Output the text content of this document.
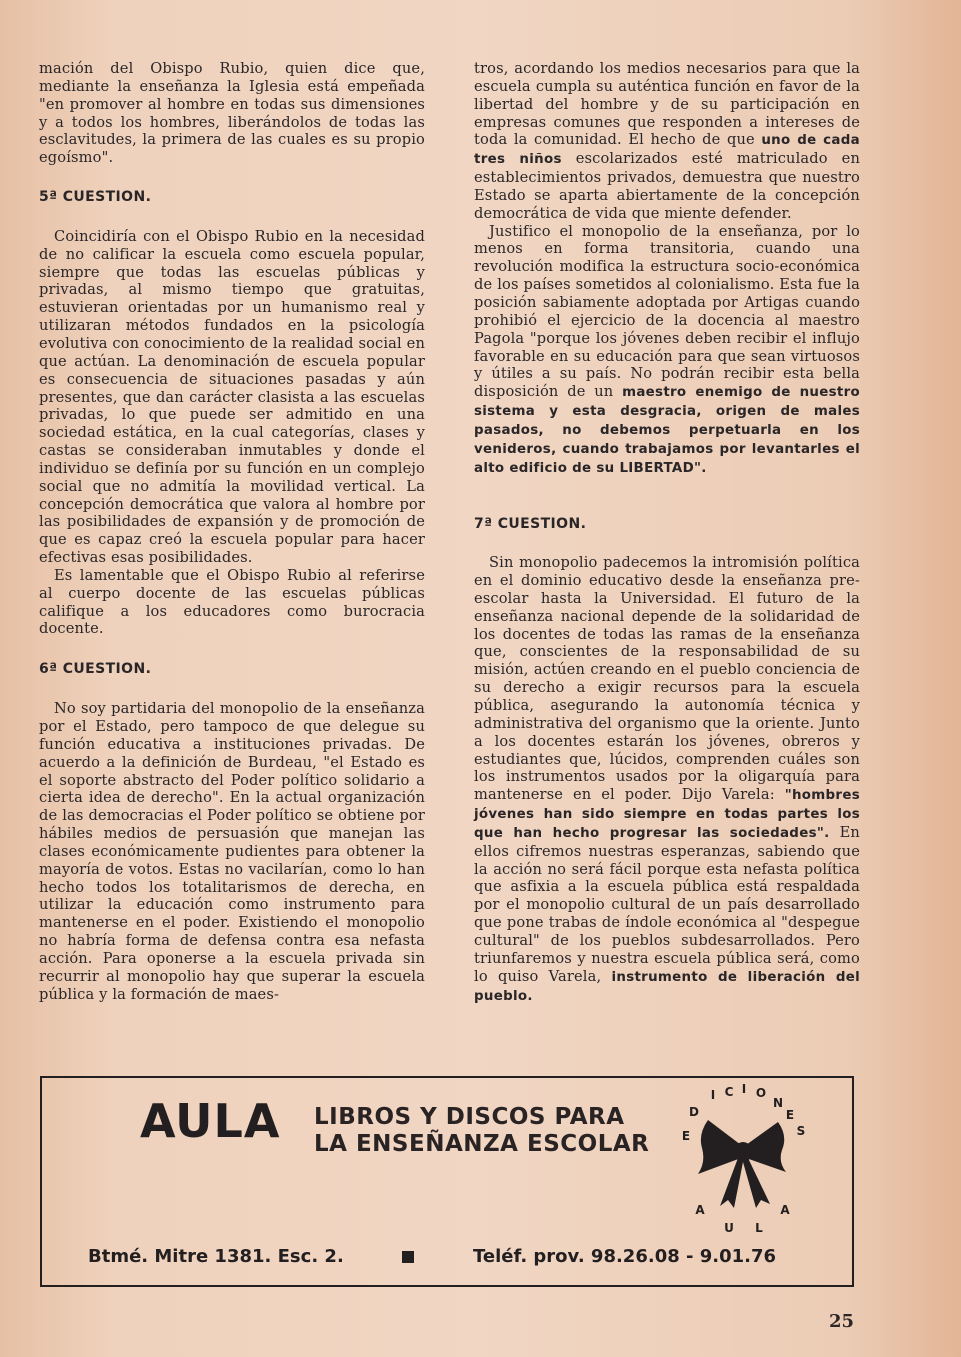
mación del Obispo Rubio, quien dice que, mediante la enseñanza la Iglesia está empeñada "en promover al hombre en todas sus dimensiones y a todos los hombres, liberándolos de todas las esclavitudes, la primera de las cuales es su propio egoísmo".

5ª CUESTION.

Coincidiría con el Obispo Rubio en la necesidad de no calificar la escuela como escuela popular, siempre que todas las escuelas públicas y privadas, al mismo tiempo que gratuitas, estuvieran orientadas por un humanismo real y utilizaran métodos fundados en la psicología evolutiva con conocimiento de la realidad social en que actúan. La denominación de escuela popular es consecuencia de situaciones pasadas y aún presentes, que dan carácter clasista a las escuelas privadas, lo que puede ser admitido en una sociedad estática, en la cual categorías, clases y castas se consideraban inmutables y donde el individuo se definía por su función en un complejo social que no admitía la movilidad vertical. La concepción democrática que valora al hombre por las posibilidades de expansión y de promoción de que es capaz creó la escuela popular para hacer efectivas esas posibilidades.

Es lamentable que el Obispo Rubio al referirse al cuerpo docente de las escuelas públicas califique a los educadores como burocracia docente.

6ª CUESTION.

No soy partidaria del monopolio de la enseñanza por el Estado, pero tampoco de que delegue su función educativa a instituciones privadas. De acuerdo a la definición de Burdeau, "el Estado es el soporte abstracto del Poder político solidario a cierta idea de derecho". En la actual organización de las democracias el Poder político se obtiene por hábiles medios de persuasión que manejan las clases económicamente pudientes para obtener la mayoría de votos. Estas no vacilarían, como lo han hecho todos los totalitarismos de derecha, en utilizar la educación como instrumento para mantenerse en el poder. Existiendo el monopolio no habría forma de defensa contra esa nefasta acción. Para oponerse a la escuela privada sin recurrir al monopolio hay que superar la escuela pública y la formación de maes-

tros, acordando los medios necesarios para que la escuela cumpla su auténtica función en favor de la libertad del hombre y de su participación en empresas comunes que responden a intereses de toda la comunidad. El hecho de que uno de cada tres niños escolarizados esté matriculado en establecimientos privados, demuestra que nuestro Estado se aparta abiertamente de la concepción democrática de vida que miente defender.

Justifico el monopolio de la enseñanza, por lo menos en forma transitoria, cuando una revolución modifica la estructura socio-económica de los países sometidos al colonialismo. Esta fue la posición sabiamente adoptada por Artigas cuando prohibió el ejercicio de la docencia al maestro Pagola "porque los jóvenes deben recibir el influjo favorable en su educación para que sean virtuosos y útiles a su país. No podrán recibir esta bella disposición de un maestro enemigo de nuestro sistema y esta desgracia, origen de males pasados, no debemos perpetuarla en los venideros, cuando trabajamos por levantarles el alto edificio de su LIBERTAD".

7ª CUESTION.

Sin monopolio padecemos la intromisión política en el dominio educativo desde la enseñanza pre-escolar hasta la Universidad. El futuro de la enseñanza nacional depende de la solidaridad de los docentes de todas las ramas de la enseñanza que, conscientes de la responsabilidad de su misión, actúen creando en el pueblo conciencia de su derecho a exigir recursos para la escuela pública, asegurando la autonomía técnica y administrativa del organismo que la oriente. Junto a los docentes estarán los jóvenes, obreros y estudiantes que, lúcidos, comprenden cuáles son los instrumentos usados por la oligarquía para mantenerse en el poder. Dijo Varela: "hombres jóvenes han sido siempre en todas partes los que han hecho progresar las sociedades". En ellos cifremos nuestras esperanzas, sabiendo que la acción no será fácil porque esta nefasta política que asfixia a la escuela pública está respaldada por el monopolio cultural de un país desarrollado que pone trabas de índole económica al "despegue cultural" de los pueblos subdesarrollados. Pero triunfaremos y nuestra escuela pública será, como lo quiso Varela, instrumento de liberación del pueblo.

AULA LIBROS Y DISCOS PARA
LA ENSEÑANZA ESCOLAR	E
D
I C I O
N
E
S
A
U L
A
Btmé. Mitre 1381. Esc. 2.	Teléf. prov. 98.26.08 - 9.01.76
25
